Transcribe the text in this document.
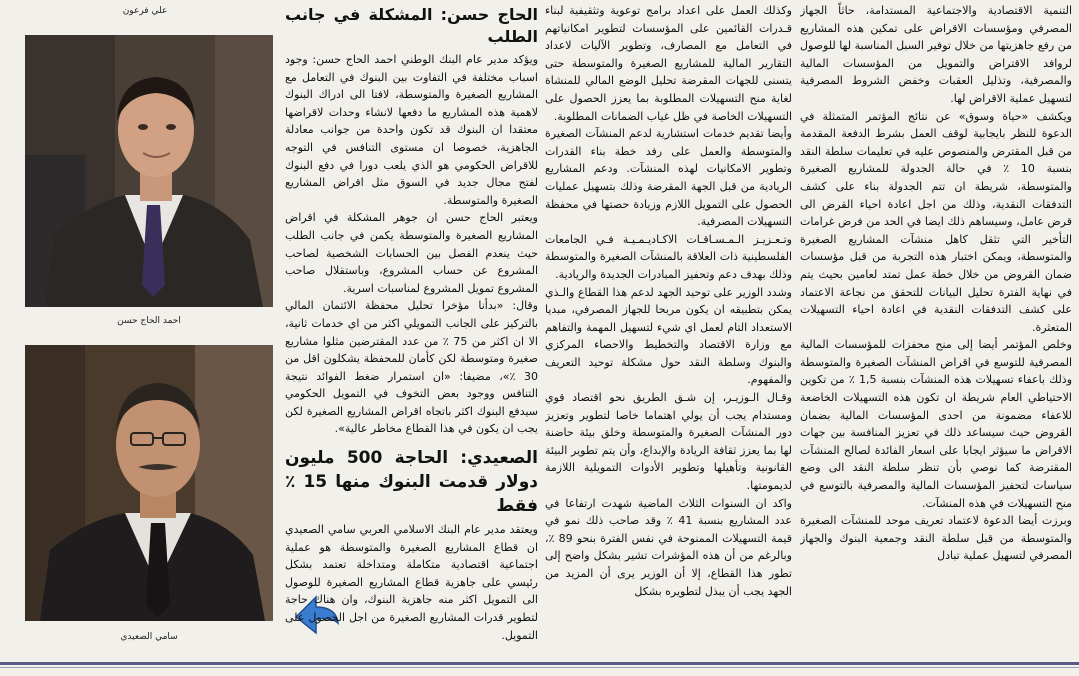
علي فرعون
احمد الحاج حسن
سامي الصعيدي
الحاج حسن: المشكلة في جانب الطلب

ويؤكد مدير عام البنك الوطني احمد الحاج حسن: وجود اسباب مختلفة في التفاوت بين البنوك في التعامل مع المشاريع الصغيرة والمتوسطة، لافتا الى ادراك البنوك لاهمية هذه المشاريع ما دفعها لانشاء وحدات لاقراضها معتقدا ان البنوك قد تكون واحدة من جوانب معادلة الجاهزية، خصوصا ان مستوى التنافس في التوجه للاقراض الحكومي هو الذي يلعب دورا في دفع البنوك لفتح مجال جديد في السوق مثل اقراض المشاريع الصغيرة والمتوسطة.

ويعتبر الحاج حسن ان جوهر المشكلة في اقراض المشاريع الصغيرة والمتوسطة يكمن في جانب الطلب حيث ينعدم الفصل بين الحسابات الشخصية لصاحب المشروع عن حساب المشروع، وباستقلال صاحب المشروع تمويل المشروع لمناسبات اسرية.

وقال: «بدأنا مؤخرا تحليل محفظة الائتمان المالي بالتركيز على الجانب التمويلي اكثر من اي خدمات ثانية، الا ان اكثر من 75 ٪ من عدد المقترضين مثلوا مشاريع صغيرة ومتوسطة لكن كأمان للمحفظة يشكلون اقل من 30 ٪»، مضيفا: «ان استمرار ضغط الفوائد نتيجة التنافس ووجود بعض التخوف في التمويل الحكومي سيدفع البنوك اكثر باتجاه اقراض المشاريع الصغيرة لكن يجب ان يكون في هذا القطاع مخاطر عالية».

الصعيدي: الحاجة 500 مليون دولار قدمت البنوك منها 15 ٪ فقط

ويعتقد مدير عام البنك الاسلامي العربي سامي الصعيدي ان قطاع المشاريع الصغيرة والمتوسطة هو عملية اجتماعية اقتصادية متكاملة ومتداخلة تعتمد بشكل رئيسي على جاهزية قطاع المشاريع الصغيرة للوصول الى التمويل اكثر منه جاهزية البنوك، وان هناك حاجة لتطوير قدرات المشاريع الصغيرة من اجل الحصول على التمويل.

وكذلك العمل على اعداد برامج توعوية وتثقيفية لبناء قـدرات القائمين على المؤسسات لتطوير امكانياتهم في التعامل مع المصارف، وتطوير الآليات لاعداد التقارير المالية للمشاريع الصغيرة والمتوسطة حتى يتسنى للجهات المقرضة تحليل الوضع المالي للمنشاة لغاية منح التسهيلات المطلوبة بما يعزز الحصول على التسهيلات الخاصة في ظل غياب الضمانات المطلوبة.

وأيضا تقديم خدمات استشارية لدعم المنشآت الصغيرة والمتوسطة والعمل على رفد خطة بناء القدرات وتطوير الامكانيات لهذه المنشآت. ودعم المشاريع الريادية من قبل الجهة المقرضة وذلك بتسهيل عمليات الحصول على التمويل اللازم وزيادة حصتها في محفظة التسهيلات المصرفية.

وتـعـزيـز الـمـسـاقـات الاكـاديـمـيـة فـي الجامعات الفلسطينية ذات العلاقة بالمنشآت الصغيرة والمتوسطة وذلك بهدف دعم وتحفيز المبادرات الجديدة والريادية.

وشدد الوزير على توحيد الجهد لدعم هذا القطاع والـذي يمكن بتطبيقه ان يكون مربحا للجهاز المصرفي، مبديا الاستعداد التام لعمل اي شيء لتسهيل المهمة والتفاهم مع وزارة الاقتصاد والتخطيط والاحصاء المركزي والبنوك وسلطة النقد حول مشكلة توحيد التعريف والمفهوم.

وقـال الـوزيـر، إن شـق الطريق نحو اقتصاد قوي ومستدام يجب أن يولي اهتماما خاصا لتطوير وتعزيز دور المنشآت الصغيرة والمتوسطة وخلق بيئة حاضنة لها بما يعزز ثقافة الريادة والإبداع، وأن يتم تطوير البيئة القانونية وتأهيلها وتطوير الأدوات التمويلية اللازمة لديمومتها.

واكد ان السنوات الثلاث الماضية شهدت ارتفاعا في عدد المشاريع بنسبة 41 ٪ وقد صاحب ذلك نمو في قيمة التسهيلات الممنوحة في نفس الفترة بنحو 89 ٪، وبالرغم من أن هذه المؤشرات تشير بشكل واضح إلى تطور هذا القطاع، إلا أن الوزير يرى أن المزيد من الجهد يجب أن يبذل لتطويره بشكل

التنمية الاقتصادية والاجتماعية المستدامة، حاثاً الجهاز المصرفي ومؤسسات الاقراض على تمكين هذه المشاريع من رفع جاهزيتها من خلال توفير السبل المناسبة لها للوصول لروافد الاقتراض والتمويل من المؤسسات المالية والمصرفية، وتذليل العقبات وخفض الشروط المصرفية لتسهيل عملية الاقراض لها.

ويكشف «حياة وسوق» عن نتائج المؤتمر المتمثلة في الدعوة للنظر بايجابية لوقف العمل بشرط الدفعة المقدمة من قبل المقترض والمنصوص عليه في تعليمات سلطة النقد بنسبة 10 ٪ في حالة الجدولة للمشاريع الصغيرة والمتوسطة، شريطة ان تتم الجدولة بناء على كشف التدفقات النقدية، وذلك من اجل اعادة احياء القرض الى قرض عامل، وسيساهم ذلك ايضا في الحد من فرض غرامات التأخير التي تثقل كاهل منشآت المشاريع الصغيرة والمتوسطة، ويمكن اختبار هذه التجربة من قبل مؤسسات ضمان القروض من خلال خطة عمل تمتد لعامين بحيث يتم في نهاية الفترة تحليل البيانات للتحقق من نجاعة الاعتماد على كشف التدفقات النقدية في اعادة احياء التسهيلات المتعثرة.

وخلص المؤتمر أيضا إلى منح محفزات للمؤسسات المالية المصرفية للتوسع في اقراض المنشآت الصغيرة والمتوسطة وذلك باعفاء تسهيلات هذه المنشآت بنسبة 1,5 ٪ من تكوين الاحتياطي العام شريطة ان تكون هذه التسهيلات الخاضعة للاعفاء مضمونة من احدى المؤسسات المالية بضمان القروض حيث سيساعد ذلك في تعزيز المنافسة بين جهات الاقراض ما سيؤثر ايجابا على اسعار الفائدة لصالح المنشآت المقترضة كما نوصي بأن تنظر سلطة النقد الى وضع سياسات لتحفيز المؤسسات المالية والمصرفية بالتوسع في منح التسهيلات في هذه المنشآت.

وبرزت أيضا الدعوة لاعتماد تعريف موحد للمنشآت الصغيرة والمتوسطة من قبل سلطة النقد وجمعية البنوك والجهاز المصرفي لتسهيل عملية تبادل
